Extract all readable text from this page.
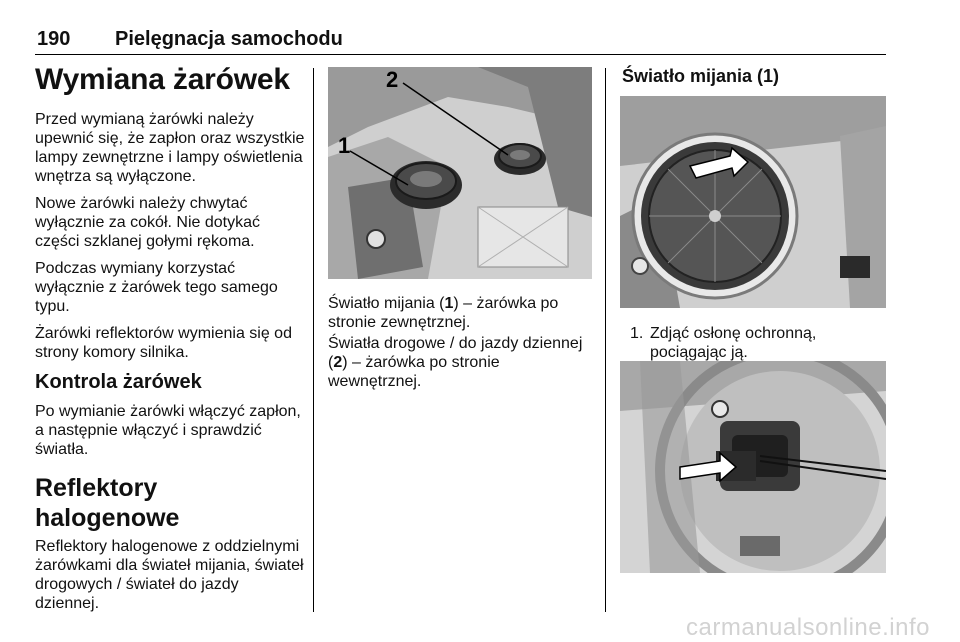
190 Pielęgnacja samochodu
Wymiana żarówek

Przed wymianą żarówki należy upewnić się, że zapłon oraz wszystkie lampy zewnętrzne i lampy oświetlenia wnętrza są wyłączone.

Nowe żarówki należy chwytać wyłącznie za cokół. Nie dotykać części szklanej gołymi rękoma.

Podczas wymiany korzystać wyłącznie z żarówek tego samego typu.

Żarówki reflektorów wymienia się od strony komory silnika.

Kontrola żarówek

Po wymianie żarówki włączyć zapłon, a następnie włączyć i sprawdzić światła.

Reflektory halogenowe

Reflektory halogenowe z oddzielnymi żarówkami dla świateł mijania, świateł drogowych / świateł do jazdy dziennej.

1
2
Światło mijania (1) – żarówka po stronie zewnętrznej.
Światła drogowe / do jazdy dziennej (2) – żarówka po stronie wewnętrznej.
Światło mijania (1)
1. Zdjąć osłonę ochronną, pociągając ją.
carmanualsonline.info
